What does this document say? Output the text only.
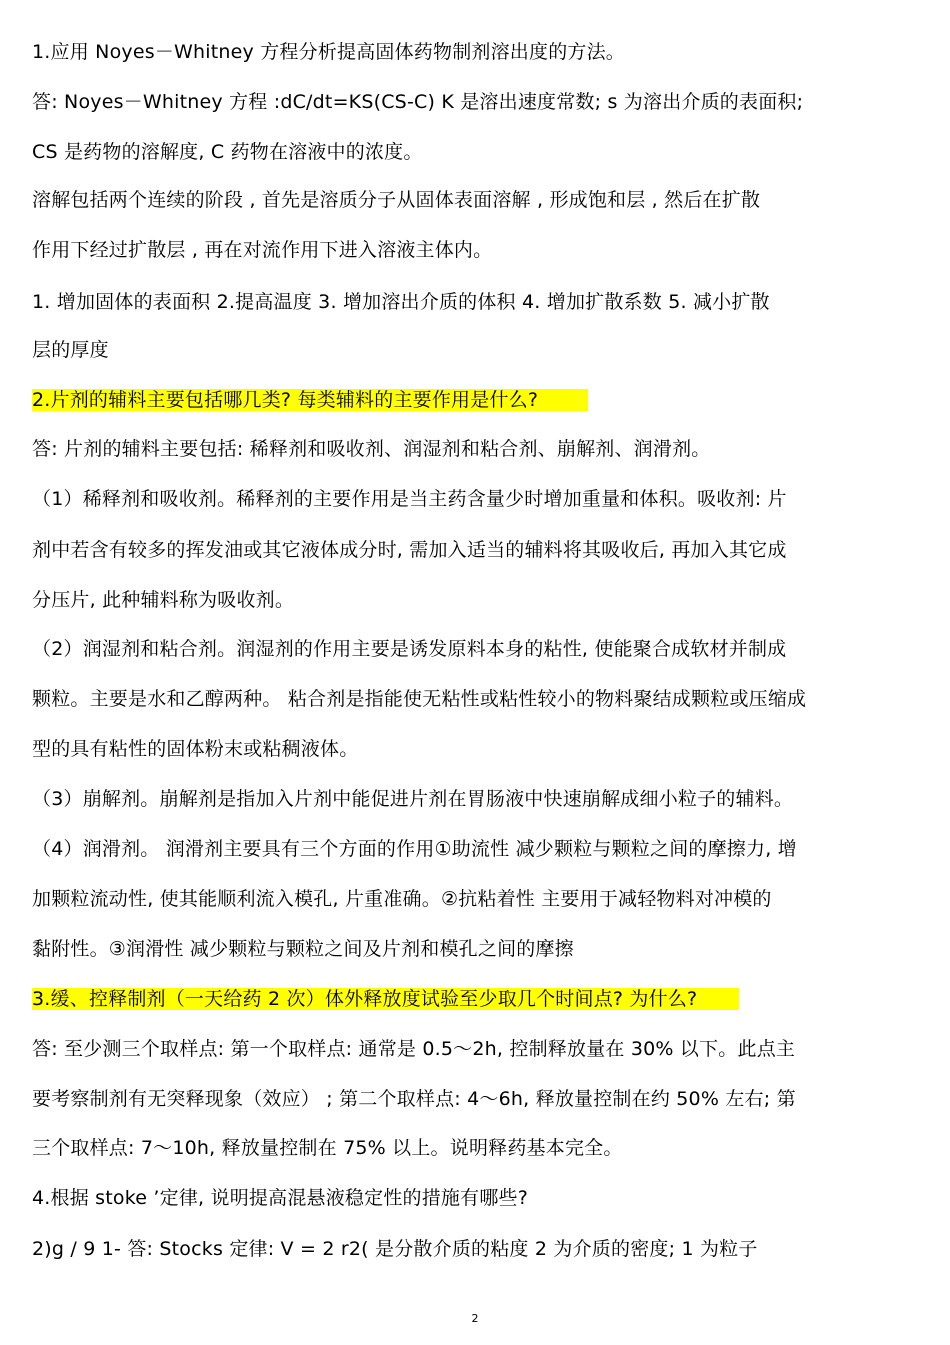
1.应用 Noyes－Whitney 方程分析提高固体药物制剂溶出度的方法。
答: Noyes－Whitney 方程 :dC/dt=KS(CS-C) K 是溶出速度常数; s 为溶出介质的表面积;
CS 是药物的溶解度, C 药物在溶液中的浓度。
溶解包括两个连续的阶段 , 首先是溶质分子从固体表面溶解 , 形成饱和层 , 然后在扩散
作用下经过扩散层 , 再在对流作用下进入溶液主体内。
1. 增加固体的表面积 2.提高温度 3. 增加溶出介质的体积 4. 增加扩散系数 5. 减小扩散
层的厚度
2.片剂的辅料主要包括哪几类? 每类辅料的主要作用是什么?
答: 片剂的辅料主要包括: 稀释剂和吸收剂、润湿剂和粘合剂、崩解剂、润滑剂。
（1）稀释剂和吸收剂。稀释剂的主要作用是当主药含量少时增加重量和体积。吸收剂: 片
剂中若含有较多的挥发油或其它液体成分时, 需加入适当的辅料将其吸收后, 再加入其它成
分压片, 此种辅料称为吸收剂。
（2）润湿剂和粘合剂。润湿剂的作用主要是诱发原料本身的粘性, 使能聚合成软材并制成
颗粒。主要是水和乙醇两种。 粘合剂是指能使无粘性或粘性较小的物料聚结成颗粒或压缩成
型的具有粘性的固体粉末或粘稠液体。
（3）崩解剂。崩解剂是指加入片剂中能促进片剂在胃肠液中快速崩解成细小粒子的辅料。
（4）润滑剂。 润滑剂主要具有三个方面的作用①助流性 减少颗粒与颗粒之间的摩擦力, 增
加颗粒流动性, 使其能顺利流入模孔, 片重准确。②抗粘着性 主要用于减轻物料对冲模的
黏附性。③润滑性 减少颗粒与颗粒之间及片剂和模孔之间的摩擦
3.缓、控释制剂（一天给药 2 次）体外释放度试验至少取几个时间点? 为什么?
答: 至少测三个取样点: 第一个取样点: 通常是 0.5～2h, 控制释放量在 30% 以下。此点主
要考察制剂有无突释现象（效应） ; 第二个取样点: 4～6h, 释放量控制在约 50% 左右; 第
三个取样点: 7～10h, 释放量控制在 75% 以上。说明释药基本完全。
4.根据 stoke ’定律, 说明提高混悬液稳定性的措施有哪些?
2)g / 9 1- 答: Stocks 定律: V = 2 r2( 是分散介质的粘度 2 为介质的密度; 1 为粒子
2
